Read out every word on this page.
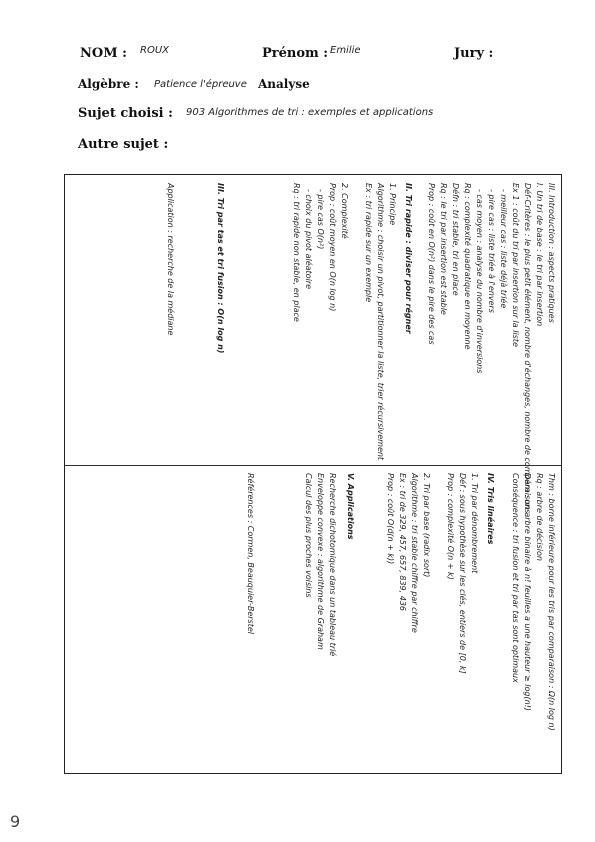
NOM : ROUX	Prénom : Emilie	Jury :
Algèbre : Patience l'épreuve Analyse
Sujet choisi : 903 Algorithmes de tri : exemples et applications
Autre sujet :
III. Introduction : aspects pratiques
I. Un tri de base : le tri par insertion
Déf-Critères : le plus petit élément, nombre d'échanges, nombre de comparaisons
Ex 1 : coût du tri par insertion sur la liste
- meilleur cas : liste déjà triée
- pire cas : liste triée à l'envers
- cas moyen : analyse du nombre d'inversions
Rq : complexité quadratique en moyenne
Défn : tri stable, tri en place
Rq : le tri par insertion est stable
Prop : coût en O(n²) dans le pire des cas
II. Tri rapide : diviser pour régner
1. Principe
Algorithme : choisir un pivot, partitionner la liste, trier récursivement
Ex : tri rapide sur un exemple
2. Complexité
Prop : coût moyen en O(n log n)
- pire cas O(n²)
- choix du pivot aléatoire
Rq : tri rapide non stable, en place
III. Tri par tas et tri fusion : O(n log n)
Application : recherche de la médiane
Thm : borne inférieure pour les tris par comparaison : Ω(n log n)
Rq : arbre de décision
Dém : un arbre binaire à n! feuilles a une hauteur ≥ log(n!)
Conséquence : tri fusion et tri par tas sont optimaux
IV. Tris linéaires
1. Tri par dénombrement
Déf : sous hypothèse sur les clés, entiers de [0, k]
Prop : complexité O(n + k)
2. Tri par base (radix sort)
Algorithme : tri stable chiffre par chiffre
Ex : tri de 329, 457, 657, 839, 436
Prop : coût O(d(n + k))
V. Applications
Recherche dichotomique dans un tableau trié
Enveloppe convexe : algorithme de Graham
Calcul des plus proches voisins
Références : Cormen, Beauquier-Berstel
9
